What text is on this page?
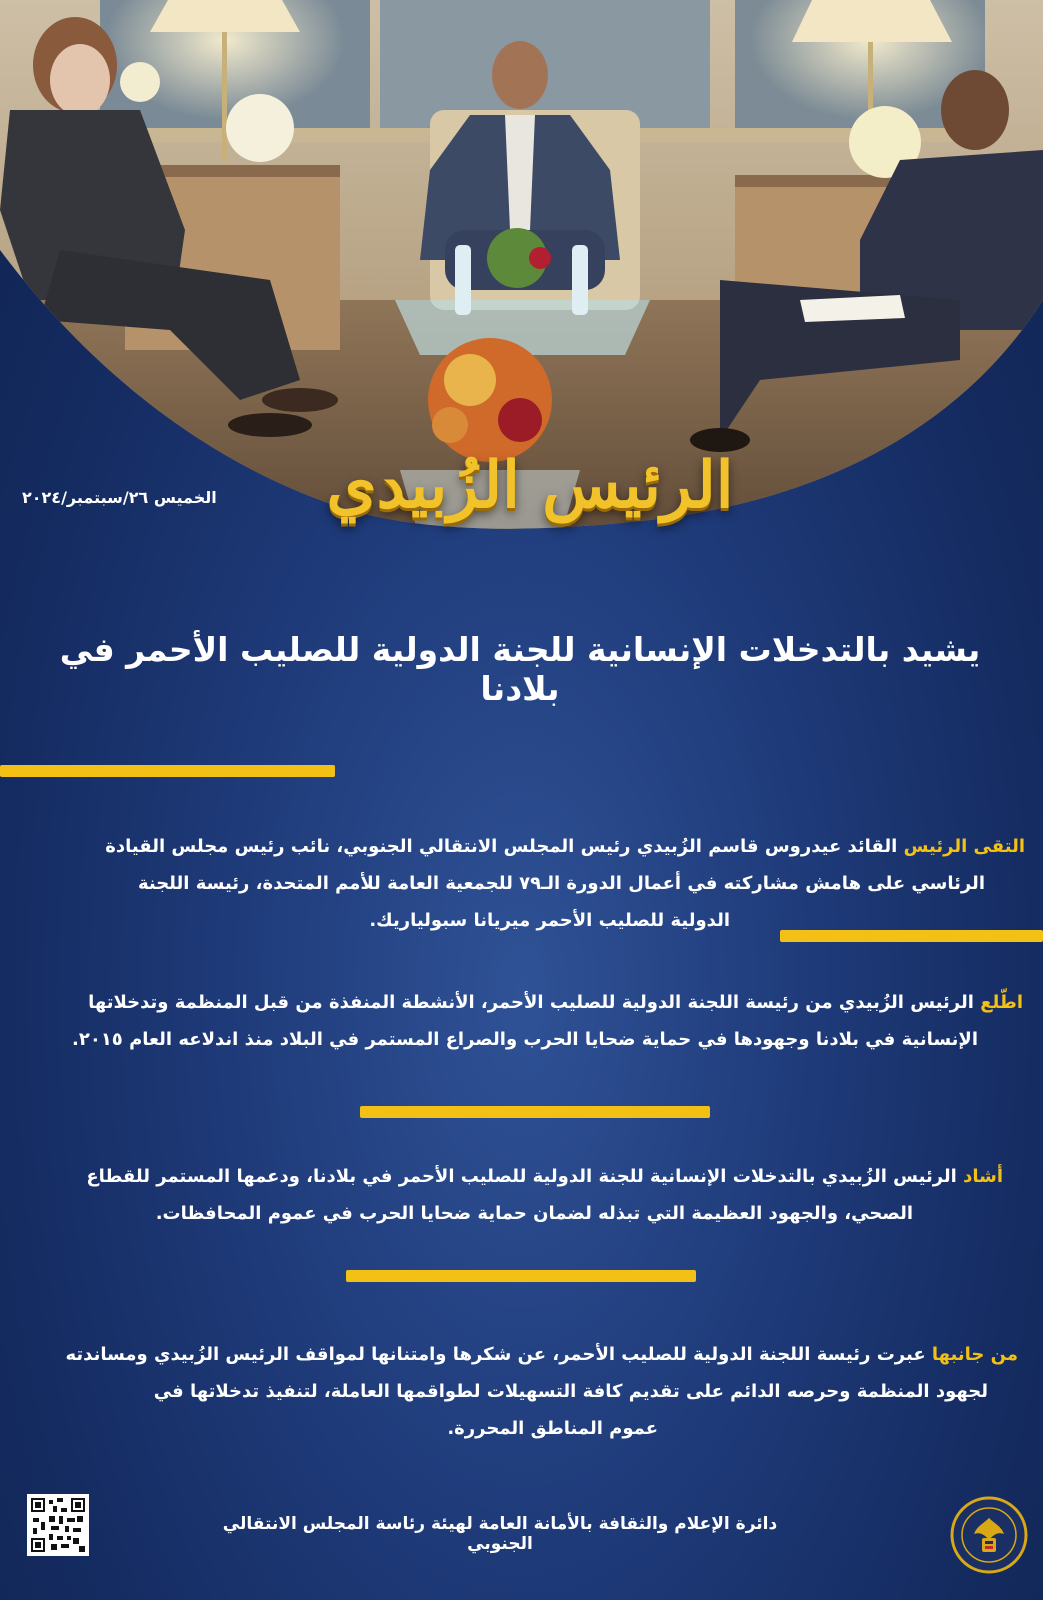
الخميس ٢٦/سبتمبر/٢٠٢٤	الرئيس الزُبيدي
يشيد بالتدخلات الإنسانية للجنة الدولية للصليب الأحمر في بلادنا
التقى الرئيس القائد عيدروس قاسم الزُبيدي رئيس المجلس الانتقالي الجنوبي، نائب رئيس مجلس القيادة
الرئاسي على هامش مشاركته في أعمال الدورة الـ٧٩ للجمعية العامة للأمم المتحدة، رئيسة اللجنة
الدولية للصليب الأحمر ميريانا سبولياريك.
اطّلع الرئيس الزُبيدي من رئيسة اللجنة الدولية للصليب الأحمر، الأنشطة المنفذة من قبل المنظمة وتدخلاتها
الإنسانية في بلادنا وجهودها في حماية ضحايا الحرب والصراع المستمر في البلاد منذ اندلاعه العام ٢٠١٥.
أشاد الرئيس الزُبيدي بالتدخلات الإنسانية للجنة الدولية للصليب الأحمر في بلادنا، ودعمها المستمر للقطاع
الصحي، والجهود العظيمة التي تبذله لضمان حماية ضحايا الحرب في عموم المحافظات.
من جانبها عبرت رئيسة اللجنة الدولية للصليب الأحمر، عن شكرها وامتنانها لمواقف الرئيس الزُبيدي ومساندته
لجهود المنظمة وحرصه الدائم على تقديم كافة التسهيلات لطواقمها العاملة، لتنفيذ تدخلاتها في
عموم المناطق المحررة.
دائرة الإعلام والثقافة بالأمانة العامة لهيئة رئاسة المجلس الانتقالي الجنوبي
